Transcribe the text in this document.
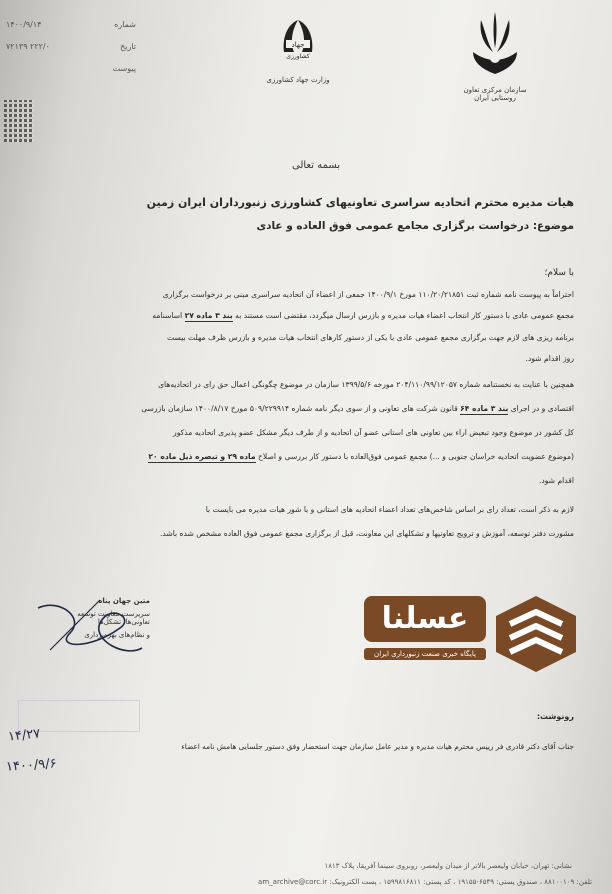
شماره
۱۴۰۰/۹/۱۴
تاریخ
۲۲۲/۰ ۷۲۱۳۹
پیوست
جهاد
کشاورزی
وزارت جهاد کشاورزی
سازمان مرکزی تعاون روستایی ایران
بسمه تعالی
هیات مدیره محترم اتحادیه سراسری تعاونیهای کشاورزی زنبورداران ایران زمین
موضوع: درخواست برگزاری مجامع عمومی فوق العاده و عادی
با سلام؛
احتراماً به پیوست نامه شماره ثبت ۱۱۰/۲۰/۲۱۸۵۱ مورخ ۱۴۰۰/۹/۱ جمعی از اعضاء آن اتحادیه سراسری مبنی بر درخواست برگزاری
مجمع عمومی عادی با دستور کار انتخاب اعضاء هیات مدیره و بازرس ارسال میگردد، مقتضی است مستند به بند ۳ ماده ۲۷ اساسنامه
برنامه ریزی های لازم جهت برگزاری مجمع عمومی عادی با یکی از دستور کارهای انتخاب هیات مدیره و بازرس ظرف مهلت بیست
روز اقدام شود.
همچنین با عنایت به نخستنامه شماره ۲۰۴/۱۱۰/۹۹/۱۲۰۵۷ مورخه ۱۳۹۹/۵/۶ سازمان در موضوع چگونگی اعمال حق رای در اتحادیه‌های
اقتصادی و در اجرای بند ۳ ماده ۶۴ قانون شرکت های تعاونی و از سوی دیگر نامه شماره ۵۰۹/۲۲۹۹۱۴ مورخ ۱۴۰۰/۸/۱۷ سازمان بازرسی
کل کشور در موضوع وجود تبعیض اراء بین تعاونی های استانی عضو آن اتحادیه و از طرف دیگر مشکل عضو پذیری اتحادیه مذکور
(موضوع عضویت اتحادیه خراسان جنوبی و ...) مجمع عمومی فوق‌العاده با دستور کار بررسی و اصلاح ماده ۲۹ و تبصره ذیل ماده ۲۰
اقدام شود.
لازم به ذکر است، تعداد رای بر اساس شاخص‌های تعداد اعضاء اتحادیه های استانی و با شور هیات مدیره می بایست با
مشورت دفتر توسعه، آموزش و ترویج تعاونیها و تشکلهای این معاونت، قبل از برگزاری مجمع عمومی فوق العاده مشخص شده باشد.
متین جهان پناه
سرپرست معاونت توسعه تعاونی‌ها، تشکل‌ها
و نظام‌های بهره‌برداری
۱۴/۲۷
۱۴۰۰/۹/۶
رونوشت:
جناب آقای دکتر قادری فر رییس محترم هیات مدیره و مدیر عامل سازمان جهت استحضار وفق دستور جلسایی هامش نامه اعضاء
عسلنا
پایگاه خبری صنعت زنبورداری ایران
نشانی: تهران، خیابان ولیعصر بالاتر از میدان ولیعصر، روبروی سینما آفریقا، پلاک ۱۸۱۳
تلفن: ۸۸۱۰۰۱۰۹ ، صندوق پستی: ۶۵۴۹-۱۹۱۵۵ ، کد پستی: ۱۵۹۹۸۱۶۸۱۱ ، پست الکترونیک: am_archive@corc.ir
